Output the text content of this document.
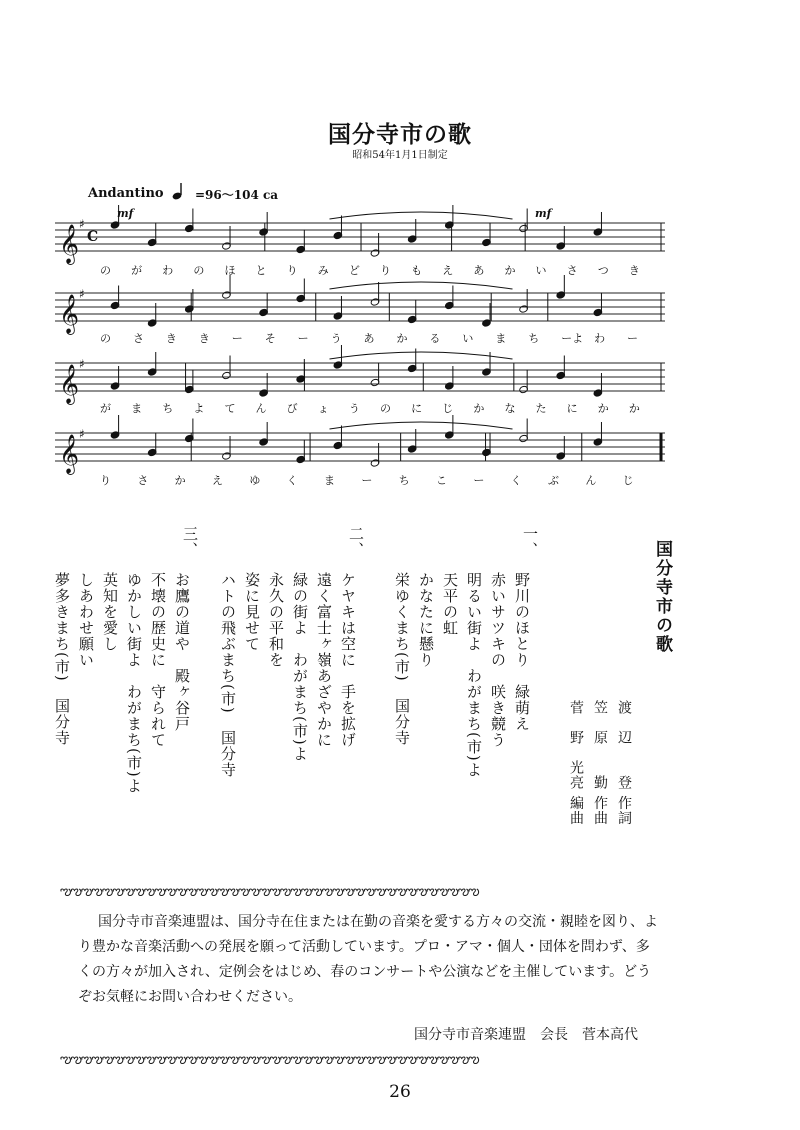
国分寺市の歌
昭和54年1月1日制定
Andantino	=96～104 ca
𝄞 ♯
mf	mf
C
の が わ の ほ と り み ど り も え あ か い さ つ き
𝄞 ♯
の さ き き ー そ ー う あ か る い ま ち ーよ わ ー
𝄞 ♯
が ま ち よ て ん び ょ う の に じ か な た に か か
𝄞 ♯
り さ か え ゆ く ま ー ち こ ー く ぶ ん じ
国分寺市の歌
渡　辺　　登 作詞
笠　原　　勤 作曲
菅　野　光亮 編曲
一、
野川のほとり　緑萌え
赤いサツキの　咲き競う
明るい街よ　わがまち(市)よ
天平の虹
かなたに懸り
栄ゆくまち(市)　国分寺
二、
ケヤキは空に　手を拡げ
遠く富士ヶ嶺あざやかに
緑の街よ　わがまち(市)よ
永久の平和を
姿に見せて
ハトの飛ぶまち(市)　国分寺
三、
お鷹の道や　殿ヶ谷戸
不壊の歴史に　守られて
ゆかしい街よ　わがまち(市)よ
英知を愛し
しあわせ願い
夢多きまち(市)　国分寺
ఌఌఌఌఌఌఌఌఌఌఌఌఌఌఌఌఌఌఌఌఌఌఌఌఌఌఌఌఌఌఌఌఌఌఌఌఌఌఌఌ
国分寺市音楽連盟は、国分寺在住または在勤の音楽を愛する方々の交流・親睦を図り、より豊かな音楽活動への発展を願って活動しています。プロ・アマ・個人・団体を問わず、多くの方々が加入され、定例会をはじめ、春のコンサートや公演などを主催しています。どうぞお気軽にお問い合わせください。
国分寺市音楽連盟　会長　菅本高代
ఌఌఌఌఌఌఌఌఌఌఌఌఌఌఌఌఌఌఌఌఌఌఌఌఌఌఌఌఌఌఌఌఌఌఌఌఌఌఌఌ
26
